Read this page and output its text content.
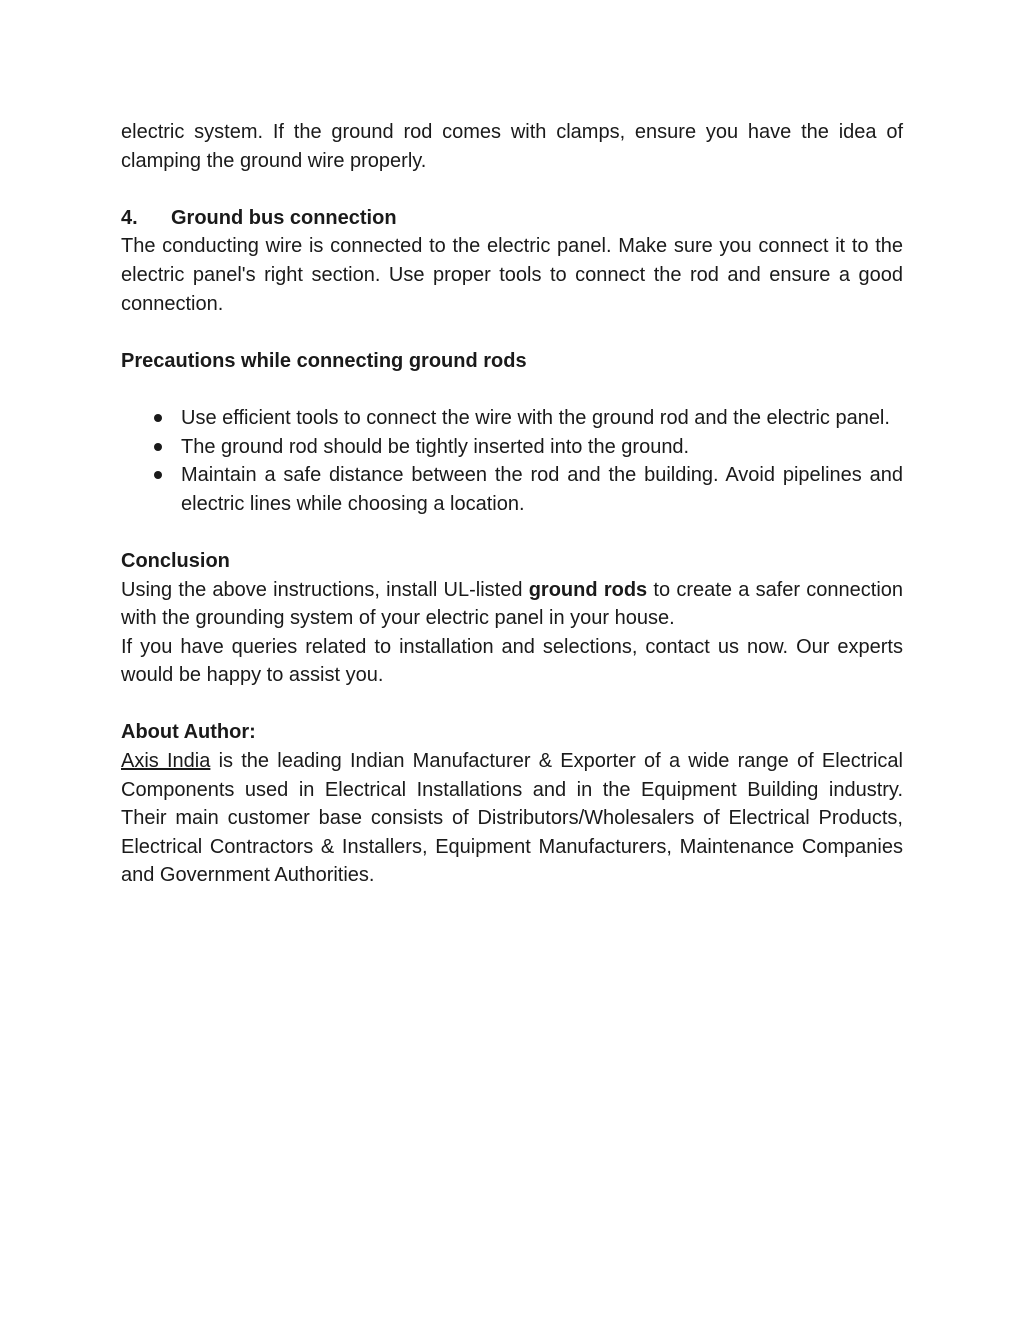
electric system. If the ground rod comes with clamps, ensure you have the idea of clamping the ground wire properly.

4.	Ground bus connection

The conducting wire is connected to the electric panel. Make sure you connect it to the electric panel's right section. Use proper tools to connect the rod and ensure a good connection.

Precautions while connecting ground rods

Use efficient tools to connect the wire with the ground rod and the electric panel.
The ground rod should be tightly inserted into the ground.
Maintain a safe distance between the rod and the building. Avoid pipelines and electric lines while choosing a location.

Conclusion

Using the above instructions, install UL-listed ground rods to create a safer connection with the grounding system of your electric panel in your house.

If you have queries related to installation and selections, contact us now. Our experts would be happy to assist you.

About Author:

Axis India is the leading Indian Manufacturer & Exporter of a wide range of Electrical Components used in Electrical Installations and in the Equipment Building industry. Their main customer base consists of Distributors/Wholesalers of Electrical Products, Electrical Contractors & Installers, Equipment Manufacturers, Maintenance Companies and Government Authorities.
